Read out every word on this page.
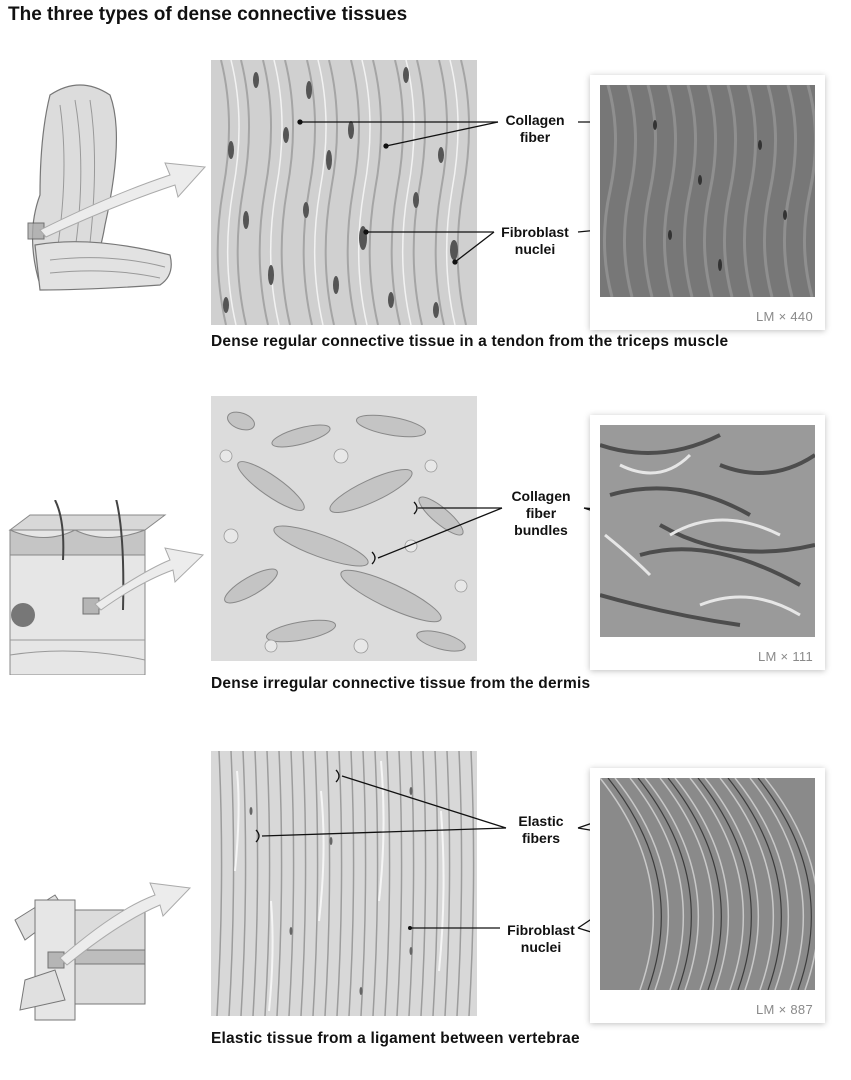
The three types of dense connective tissues
Collagen
fiber
Fibroblast
nuclei
LM × 440
Dense regular connective tissue in a tendon from the triceps muscle
Collagen
fiber
bundles
LM × 111
Dense irregular connective tissue from the dermis
Elastic
fibers
Fibroblast
nuclei
LM × 887
Elastic tissue from a ligament between vertebrae
